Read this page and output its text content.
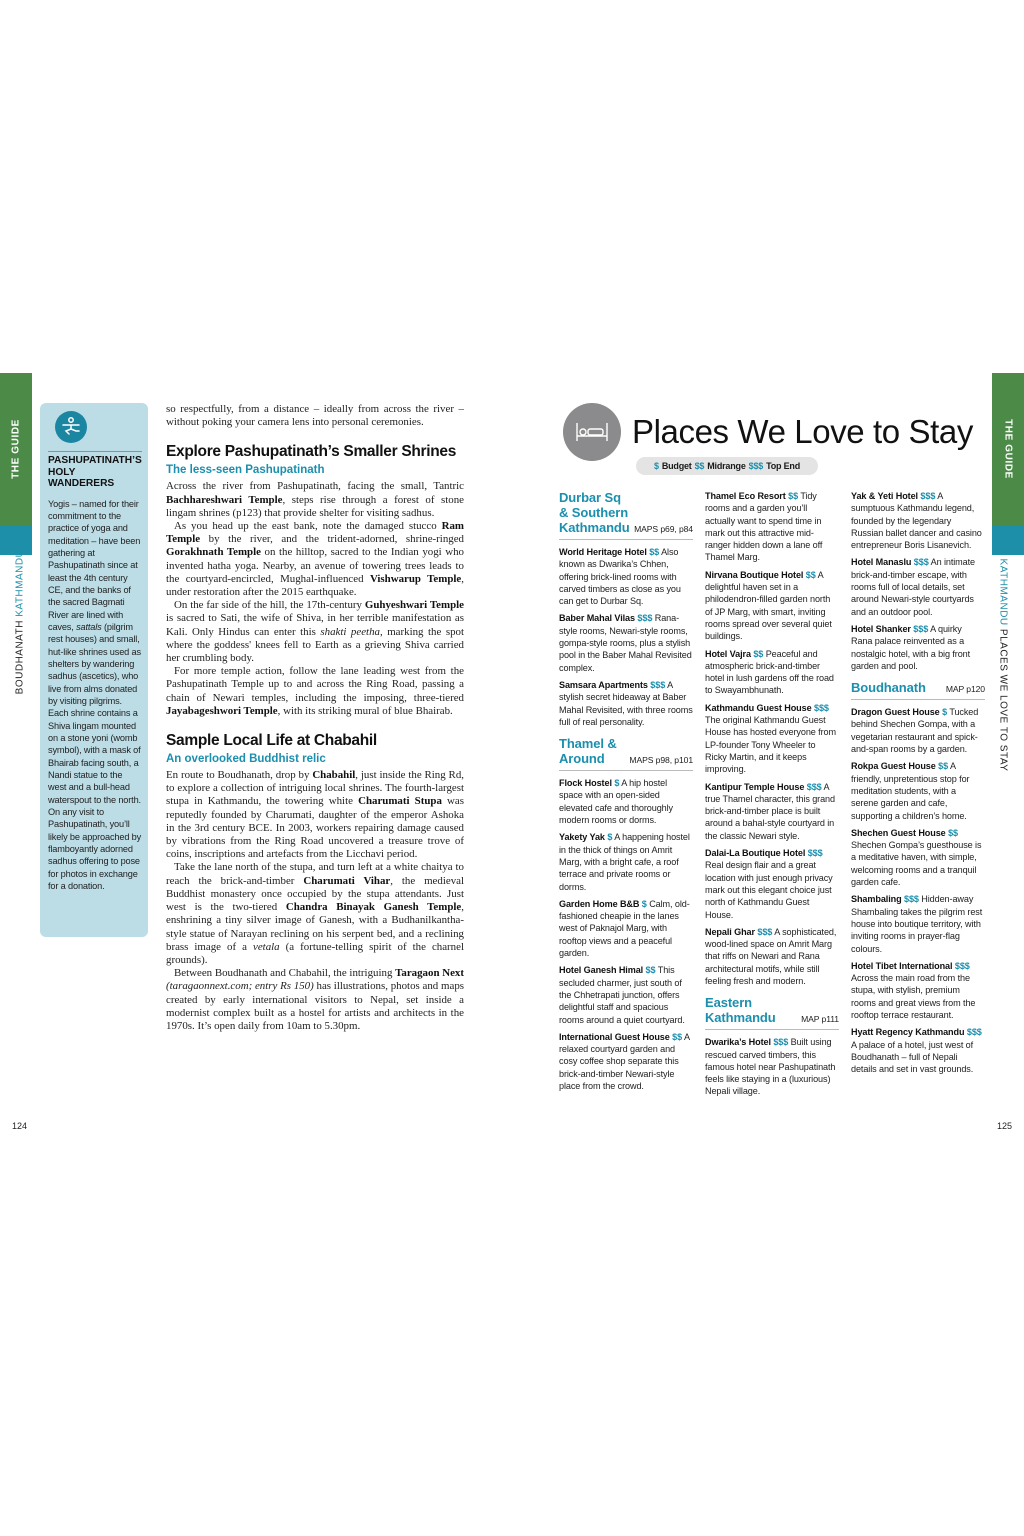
THE GUIDE
BOUDHANATH KATHMANDU
PASHUPATINATH’S
HOLY WANDERERS
Yogis – named for their commitment to the practice of yoga and meditation – have been gathering at Pashupatinath since at least the 4th century CE, and the banks of the sacred Bagmati River are lined with caves, sattals (pilgrim rest houses) and small, hut-like shrines used as shelters by wandering sadhus (ascetics), who live from alms donated by visiting pilgrims. Each shrine contains a Shiva lingam mounted on a stone yoni (womb symbol), with a mask of Bhairab facing south, a Nandi statue to the west and a bull-head waterspout to the north. On any visit to Pashupatinath, you’ll likely be approached by flamboyantly adorned sadhus offering to pose for photos in exchange for a donation.

so respectfully, from a distance – ideally from across the river – without poking your camera lens into personal ceremonies.

Explore Pashupatinath’s Smaller Shrines
The less-seen Pashupatinath

Across the river from Pashupatinath, facing the small, Tantric Bachhareshwari Temple, steps rise through a forest of stone lingam shrines (p123) that provide shelter for visiting sadhus.

As you head up the east bank, note the damaged stucco Ram Temple by the river, and the trident-adorned, shrine-ringed Gorakhnath Temple on the hilltop, sacred to the Indian yogi who invented hatha yoga. Nearby, an avenue of towering trees leads to the courtyard-encircled, Mughal-influenced Vishwarup Temple, under restoration after the 2015 earthquake.

On the far side of the hill, the 17th-century Guhyeshwari Temple is sacred to Sati, the wife of Shiva, in her terrible manifestation as Kali. Only Hindus can enter this shakti peetha, marking the spot where the goddess' knees fell to Earth as a grieving Shiva carried her crumbling body.

For more temple action, follow the lane leading west from the Pashupatinath Temple up to and across the Ring Road, passing a chain of Newari temples, including the imposing, three-tiered Jayabageshwori Temple, with its striking mural of blue Bhairab.

Sample Local Life at Chabahil
An overlooked Buddhist relic

En route to Boudhanath, drop by Chabahil, just inside the Ring Rd, to explore a collection of intriguing local shrines. The fourth-largest stupa in Kathmandu, the towering white Charumati Stupa was reputedly founded by Charumati, daughter of the emperor Ashoka in the 3rd century BCE. In 2003, workers repairing damage caused by vibrations from the Ring Road uncovered a treasure trove of coins, inscriptions and artefacts from the Licchavi period.

Take the lane north of the stupa, and turn left at a white chaitya to reach the brick-and-timber Charumati Vihar, the medieval Buddhist monastery once occupied by the stupa attendants. Just west is the two-tiered Chandra Binayak Ganesh Temple, enshrining a tiny silver image of Ganesh, with a Budhanilkantha-style statue of Narayan reclining on his serpent bed, and a reclining brass image of a vetala (a fortune-telling spirit of the charnel grounds).

Between Boudhanath and Chabahil, the intriguing Taragaon Next (taragaonnext.com; entry Rs 150) has illustrations, photos and maps created by early international visitors to Nepal, set inside a modernist complex built as a hostel for artists and architects in the 1970s. It’s open daily from 10am to 5.30pm.

124
Places We Love to Stay
$ Budget $$ Midrange $$$ Top End
Durbar Sq & Southern Kathmandu MAPS p69, p84
World Heritage Hotel $$ Also known as Dwarika’s Chhen, offering brick-lined rooms with carved timbers as close as you can get to Durbar Sq.
Baber Mahal Vilas $$$ Rana-style rooms, Newari-style rooms, gompa-style rooms, plus a stylish pool in the Baber Mahal Revisited complex.
Samsara Apartments $$$ A stylish secret hideaway at Baber Mahal Revisited, with three rooms full of real personality.
Thamel & Around	MAPS p98, p101
Flock Hostel $ A hip hostel space with an open-sided elevated cafe and thoroughly modern rooms or dorms.
Yakety Yak $ A happening hostel in the thick of things on Amrit Marg, with a bright cafe, a roof terrace and private rooms or dorms.
Garden Home B&B $ Calm, old-fashioned cheapie in the lanes west of Paknajol Marg, with rooftop views and a peaceful garden.
Hotel Ganesh Himal $$ This secluded charmer, just south of the Chhetrapati junction, offers delightful staff and spacious rooms around a quiet courtyard.
International Guest House $$ A relaxed courtyard garden and cosy coffee shop separate this brick-and-timber Newari-style place from the crowd.
Thamel Eco Resort $$ Tidy rooms and a garden you’ll actually want to spend time in mark out this attractive mid-ranger hidden down a lane off Thamel Marg.
Nirvana Boutique Hotel $$ A delightful haven set in a philodendron-filled garden north of JP Marg, with smart, inviting rooms spread over several quiet buildings.
Hotel Vajra $$ Peaceful and atmospheric brick-and-timber hotel in lush gardens off the road to Swayambhunath.
Kathmandu Guest House $$$ The original Kathmandu Guest House has hosted everyone from LP-founder Tony Wheeler to Ricky Martin, and it keeps improving.
Kantipur Temple House $$$ A true Thamel character, this grand brick-and-timber place is built around a bahal-style courtyard in the classic Newari style.
Dalai-La Boutique Hotel $$$ Real design flair and a great location with just enough privacy mark out this elegant choice just north of Kathmandu Guest House.
Nepali Ghar $$$ A sophisticated, wood-lined space on Amrit Marg that riffs on Newari and Rana architectural motifs, while still feeling fresh and modern.
Eastern Kathmandu	MAP p111
Dwarika’s Hotel $$$ Built using rescued carved timbers, this famous hotel near Pashupatinath feels like staying in a (luxurious) Nepali village.
Yak & Yeti Hotel $$$ A sumptuous Kathmandu legend, founded by the legendary Russian ballet dancer and casino entrepreneur Boris Lisanevich.
Hotel Manaslu $$$ An intimate brick-and-timber escape, with rooms full of local details, set around Newari-style courtyards and an outdoor pool.
Hotel Shanker $$$ A quirky Rana palace reinvented as a nostalgic hotel, with a big front garden and pool.
Boudhanath MAP p120
Dragon Guest House $ Tucked behind Shechen Gompa, with a vegetarian restaurant and spick-and-span rooms by a garden.
Rokpa Guest House $$ A friendly, unpretentious stop for meditation students, with a serene garden and cafe, supporting a children’s home.
Shechen Guest House $$ Shechen Gompa’s guesthouse is a meditative haven, with simple, welcoming rooms and a tranquil garden cafe.
Shambaling $$$ Hidden-away Shambaling takes the pilgrim rest house into boutique territory, with inviting rooms in prayer-flag colours.
Hotel Tibet International $$$ Across the main road from the stupa, with stylish, premium rooms and great views from the rooftop terrace restaurant.
Hyatt Regency Kathmandu $$$ A palace of a hotel, just west of Boudhanath – full of Nepali details and set in vast grounds.
THE GUIDE
KATHMANDU PLACES WE LOVE TO STAY
125
